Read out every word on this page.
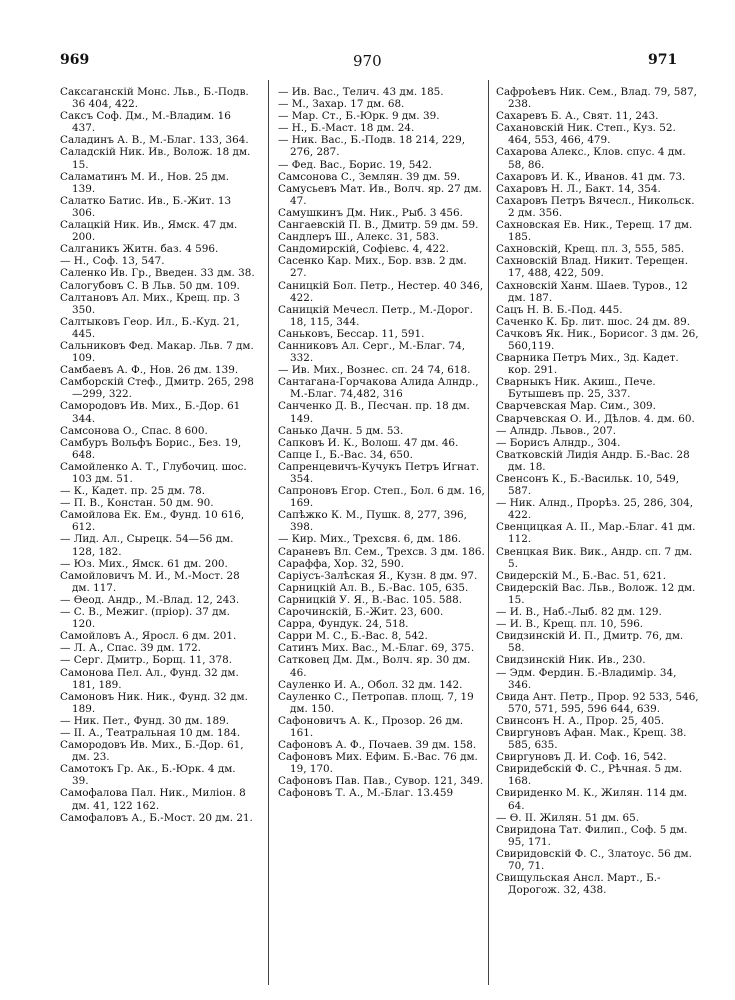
969	970	971
Саксаганскій Монс. Льв., Б.-Подв. 36 404, 422.
Саксъ Соф. Дм., М.-Владим. 16 437.
Саладинъ А. В., М.-Благ. 133, 364.
Саладскій Ник. Ив., Волож. 18 дм. 15.
Саламатинъ М. И., Нов. 25 дм. 139.
Салатко Батис. Ив., Б.-Жит. 13 306.
Салацкій Ник. Ив., Ямск. 47 дм. 200.
Салганикъ Житн. баз. 4 596.
— Н., Соф. 13, 547.
Саленко Ив. Гр., Введен. 33 дм. 38.
Салогубовъ С. В Льв. 50 дм. 109.
Салтановъ Ал. Мих., Крещ. пр. 3 350.
Салтыковъ Геор. Ил., Б.-Куд. 21, 445.
Сальниковъ Фед. Макар. Льв. 7 дм. 109.
Самбаевъ А. Ф., Нов. 26 дм. 139.
Самборскій Стеф., Дмитр. 265, 298—299, 322.
Самородовъ Ив. Мих., Б.-Дор. 61 344.
Самсонова О., Спас. 8 600.
Самбуръ Вольфъ Борис., Без. 19, 648.
Самойленко А. Т., Глубочиц. шос. 103 дм. 51.
— К., Кадет. пр. 25 дм. 78.
— П. В., Констан. 50 дм. 90.
Самойлова Ек. Ем., Фунд. 10 616, 612.
— Лид. Ал., Сырецк. 54—56 дм. 128, 182.
— Юз. Мих., Ямск. 61 дм. 200.
Самойловичъ М. И., М.-Мост. 28 дм. 117.
— Өеод. Андр., М.-Влад. 12, 243.
— С. В., Межиг. (пріор). 37 дм. 120.
Самойловъ А., Яросл. 6 дм. 201.
— Л. А., Спас. 39 дм. 172.
— Серг. Дмитр., Борщ. 11, 378.
Самонова Пел. Ал., Фунд. 32 дм. 181, 189.
Самоновъ Ник. Ник., Фунд. 32 дм. 189.
— Ник. Пет., Фунд. 30 дм. 189.
— II. А., Театральная 10 дм. 184.
Самородовъ Ив. Мих., Б.-Дор. 61, дм. 23.
Самотокъ Гр. Ак., Б.-Юрк. 4 дм. 39.
Самофалова Пал. Ник., Миліон. 8 дм. 41, 122 162.
Самофаловъ А., Б.-Мост. 20 дм. 21.
— Ив. Вас., Телич. 43 дм. 185.
— М., Захар. 17 дм. 68.
— Мар. Ст., Б.-Юрк. 9 дм. 39.
— Н., Б.-Маст. 18 дм. 24.
— Ник. Вас., Б.-Подв. 18 214, 229, 276, 287.
— Фед. Вас., Борис. 19, 542.
Самсонова С., Землян. 39 дм. 59.
Самусьевъ Мат. Ив., Волч. яр. 27 дм. 47.
Самушкинъ Дм. Ник., Рыб. 3 456.
Сангаевскій П. В., Дмитр. 59 дм. 59.
Сандлеръ Ш., Алекс. 31, 583.
Сандомирскій, Софіевс. 4, 422.
Сасенко Кар. Мих., Бор. взв. 2 дм. 27.
Саницкій Бол. Петр., Нестер. 40 346, 422.
Саницкій Мечесл. Петр., М.-Дорог. 18, 115, 344.
Саньковъ, Бессар. 11, 591.
Санниковъ Ал. Серг., М.-Благ. 74, 332.
— Ив. Мих., Вознес. сп. 24 74, 618.
Сантагана-Горчакова Алида Алндр., М.-Благ. 74,482, 316
Санченко Д. В., Песчан. пр. 18 дм. 149.
Санько Дачн. 5 дм. 53.
Сапковъ И. К., Волош. 47 дм. 46.
Сапце I., Б.-Вас. 34, 650.
Сапренцевичъ-Кучукъ Петръ Игнат. 354.
Сапроновъ Егор. Степ., Бол. 6 дм. 16, 169.
Сапѣжко К. М., Пушк. 8, 277, 396, 398.
— Кир. Мих., Трехсвя. 6, дм. 186.
Сараневъ Вл. Сем., Трехсв. 3 дм. 186.
Сараффа, Хор. 32, 590.
Сарiусъ-Залѣская Я., Кузн. 8 дм. 97.
Сарницкій Ал. В., Б.-Вас. 105, 635.
Сарницкій У. Я., В.-Вас. 105. 588.
Сарочинскій, Б.-Жит. 23, 600.
Сарра, Фундук. 24, 518.
Сарри М. С., Б.-Вас. 8, 542.
Сатинъ Мих. Вас., М.-Благ. 69, 375.
Сатковец Дм. Дм., Волч. яр. 30 дм. 46.
Сауленко И. А., Обол. 32 дм. 142.
Сауленко С., Петропав. площ. 7, 19 дм. 150.
Сафоновичъ А. К., Прозор. 26 дм. 161.
Сафоновъ А. Ф., Почаев. 39 дм. 158.
Сафоновъ Мих. Ефим. Б.-Вас. 76 дм. 19, 170.
Сафоновъ Пав. Пав., Сувор. 121, 349.
Сафоновъ Т. А., М.-Благ. 13.459
Сафроѣевъ Ник. Сем., Влад. 79, 587, 238.
Сахаревъ Б. А., Свят. 11, 243.
Сахановскій Ник. Степ., Куз. 52. 464, 553, 466, 479.
Сахарова Алекс., Клов. спус. 4 дм. 58, 86.
Сахаровъ И. К., Иванов. 41 дм. 73.
Сахаровъ Н. Л., Бакт. 14, 354.
Сахаровъ Петръ Вячесл., Никольск. 2 дм. 356.
Сахновская Ев. Ник., Терещ. 17 дм. 185.
Сахновскій, Крещ. пл. 3, 555, 585.
Сахновскій Влад. Никит. Терещен. 17, 488, 422, 509.
Сахновскій Ханм. Шаев. Туров., 12 дм. 187.
Сацъ Н. В. Б.-Под. 445.
Саченко К. Бр. лит. шос. 24 дм. 89.
Сачковъ Як. Ник., Борисог. 3 дм. 26, 560,119.
Сварника Петръ Мих., Зд. Кадет. кор. 291.
Сварныкъ Ник. Акиш., Пече. Бутышевъ пр. 25, 337.
Сварчевская Мар. Сим., 309.
Сварчевская О. И., Дѣлов. 4. дм. 60.
— Алндр. Львов., 207.
— Борисъ Алндр., 304.
Сватковскій Лидія Андр. Б.-Вас. 28 дм. 18.
Свенсонъ К., Б.-Васильк. 10, 549, 587.
— Ник. Алнд., Прорѣз. 25, 286, 304, 422.
Свенцицкая А. II., Мар.-Благ. 41 дм. 112.
Свенцкая Вик. Вик., Андр. сп. 7 дм. 5.
Свидерскій М., Б.-Вас. 51, 621.
Свидерскій Вас. Льв., Волож. 12 дм. 15.
— И. В., Наб.-Лыб. 82 дм. 129.
— И. В., Крещ. пл. 10, 596.
Свидзинскій И. П., Дмитр. 76, дм. 58.
Свидзинскій Ник. Ив., 230.
— Эдм. Фердин. Б.-Владимір. 34, 346.
Свида Ант. Петр., Прор. 92 533, 546, 570, 571, 595, 596 644, 639.
Свинсонъ Н. А., Прор. 25, 405.
Свиргуновъ Афан. Мак., Крещ. 38. 585, 635.
Свиргуновъ Д. И. Соф. 16, 542.
Свиридебскій Ф. С., Рѣчная. 5 дм. 168.
Свириденко М. К., Жилян. 114 дм. 64.
— Ө. II. Жилян. 51 дм. 65.
Свиридона Тат. Филип., Соф. 5 дм. 95, 171.
Свиридовскій Ф. С., Златоус. 56 дм. 70, 71.
Свищульская Ансл. Март., Б.-Дорогож. 32, 438.
